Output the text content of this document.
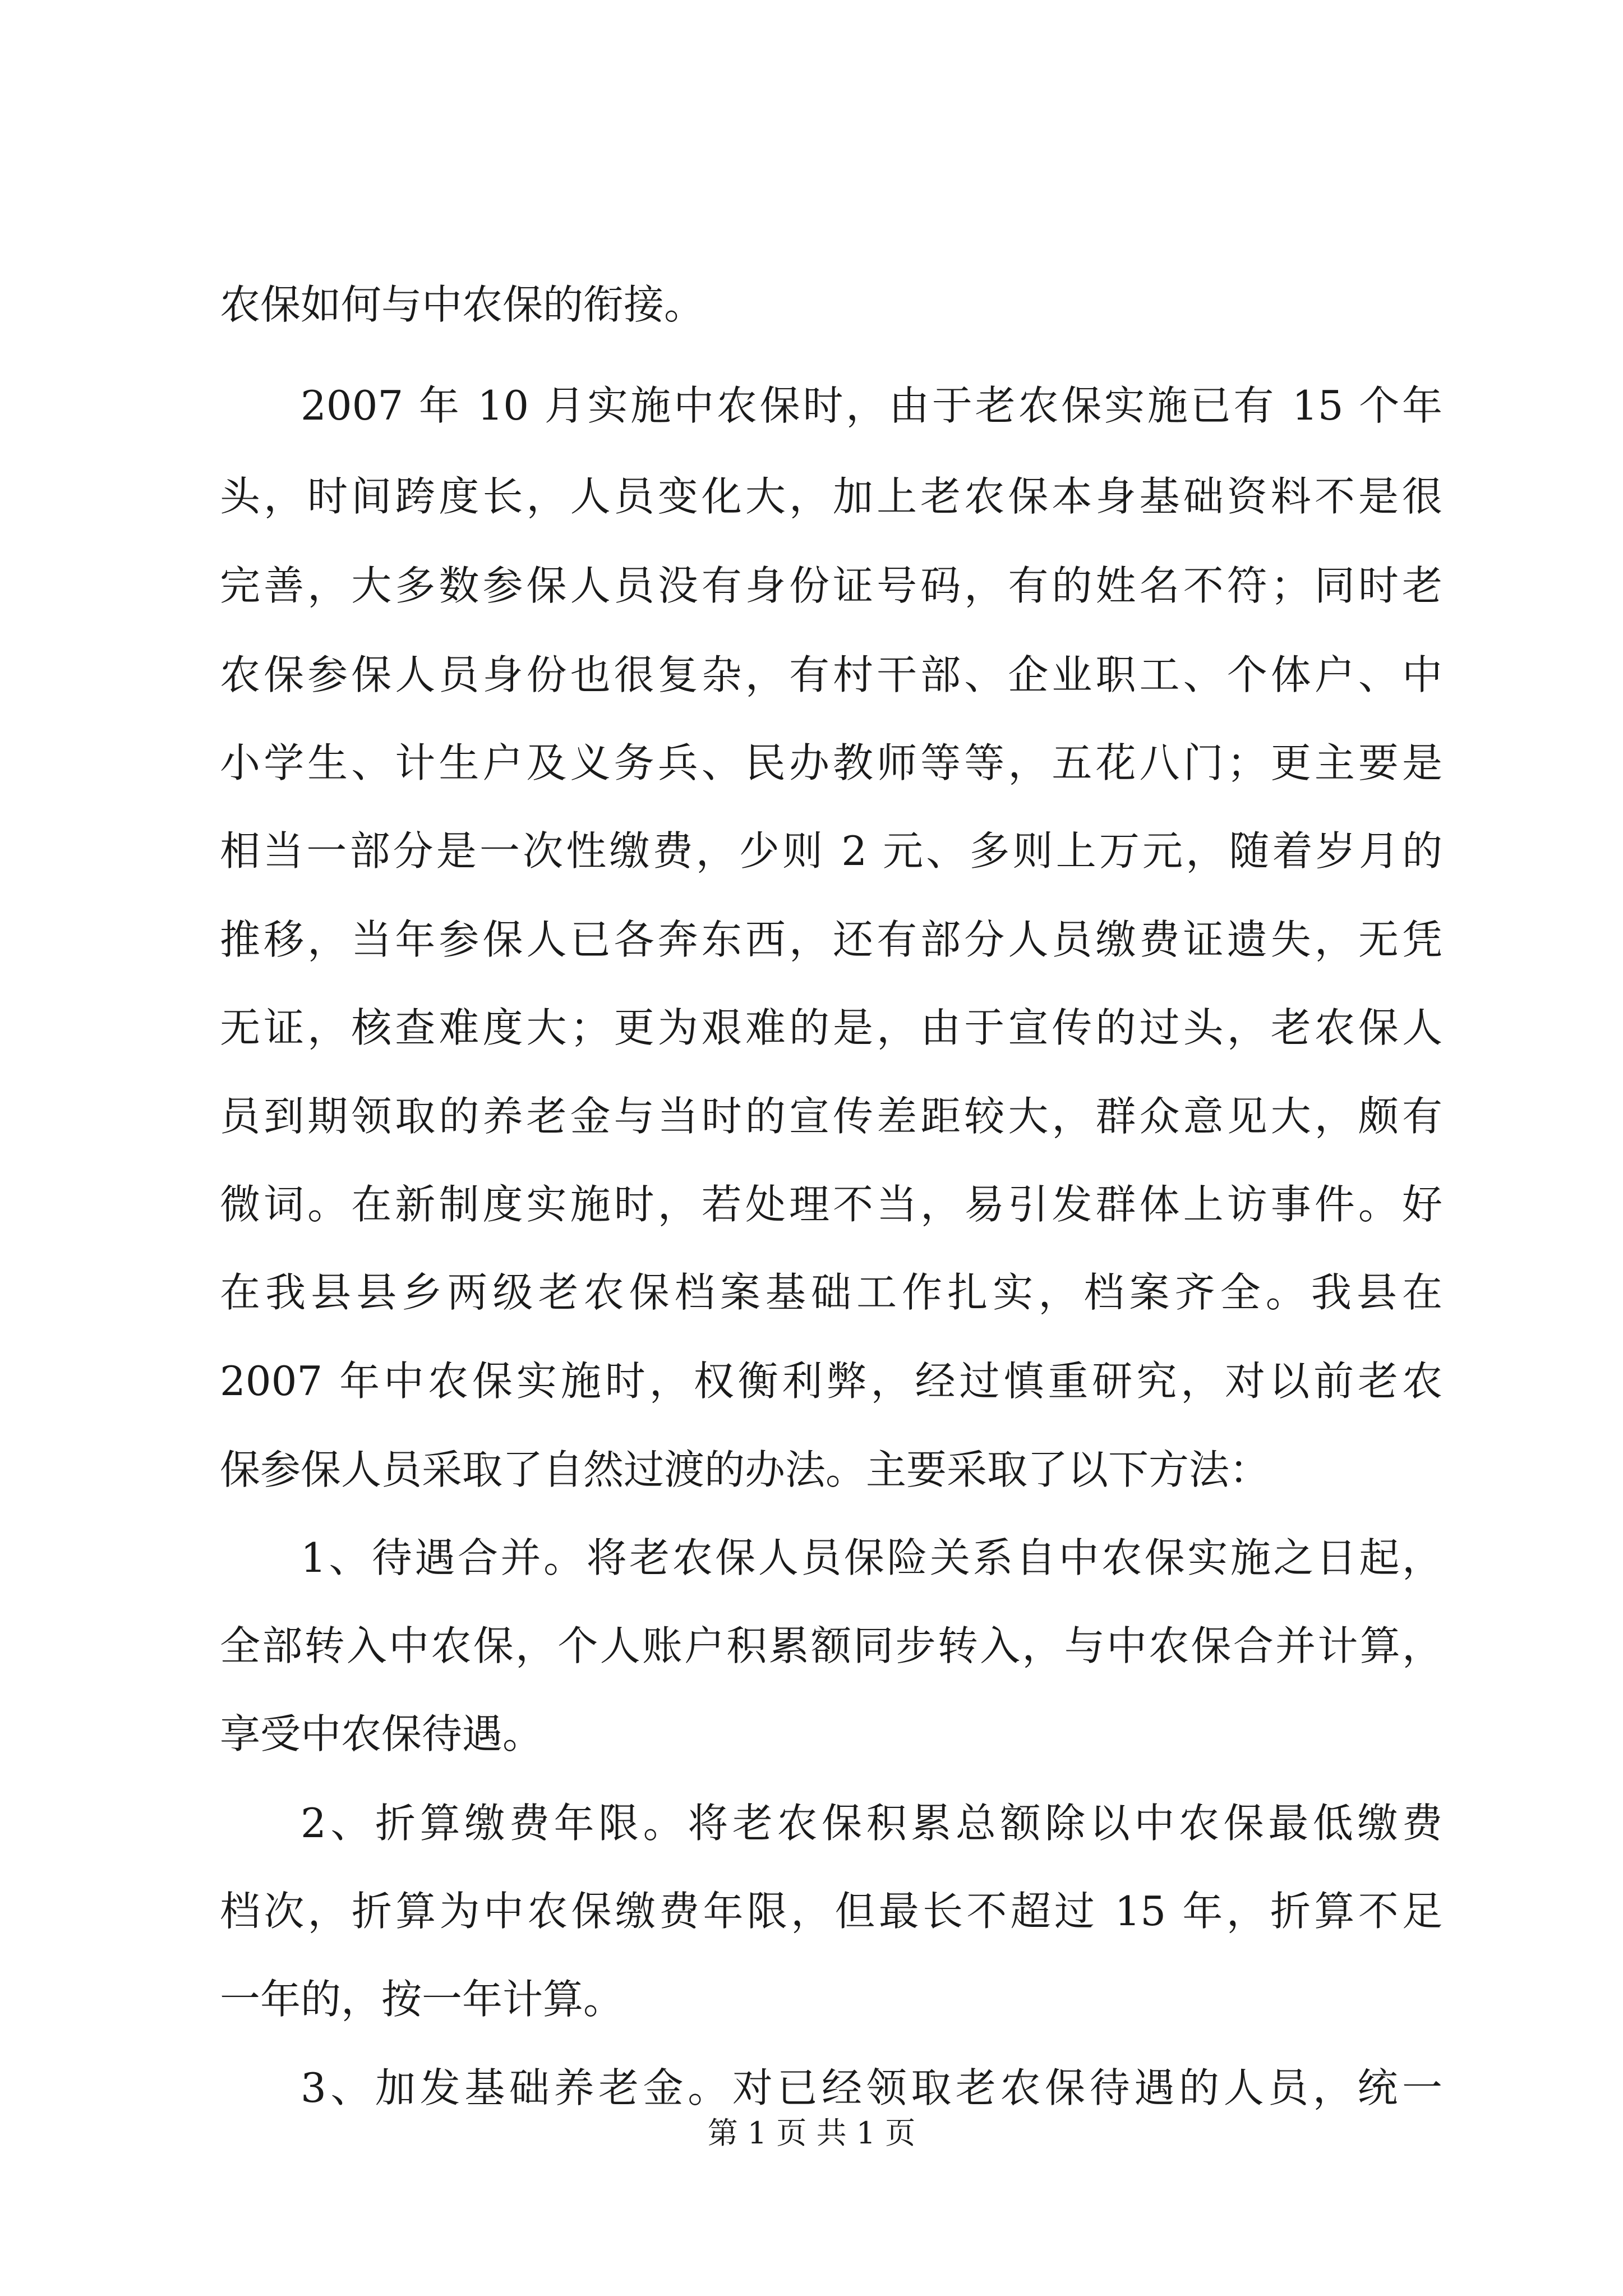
农保如何与中农保的衔接。
2007 年 10 月实施中农保时，由于老农保实施已有 15 个年
头，时间跨度长，人员变化大，加上老农保本身基础资料不是很
完善，大多数参保人员没有身份证号码，有的姓名不符；同时老
农保参保人员身份也很复杂，有村干部、企业职工、个体户、中
小学生、计生户及义务兵、民办教师等等，五花八门；更主要是
相当一部分是一次性缴费，少则 2 元、多则上万元，随着岁月的
推移，当年参保人已各奔东西，还有部分人员缴费证遗失，无凭
无证，核查难度大；更为艰难的是，由于宣传的过头，老农保人
员到期领取的养老金与当时的宣传差距较大，群众意见大，颇有
微词。在新制度实施时，若处理不当，易引发群体上访事件。好
在我县县乡两级老农保档案基础工作扎实，档案齐全。我县在
2007 年中农保实施时，权衡利弊，经过慎重研究，对以前老农
保参保人员采取了自然过渡的办法。主要采取了以下方法：
1、待遇合并。将老农保人员保险关系自中农保实施之日起，
全部转入中农保，个人账户积累额同步转入，与中农保合并计算，
享受中农保待遇。
2、折算缴费年限。将老农保积累总额除以中农保最低缴费
档次，折算为中农保缴费年限，但最长不超过 15 年，折算不足
一年的，按一年计算。
3、加发基础养老金。对已经领取老农保待遇的人员，统一
第 1 页 共 1 页
